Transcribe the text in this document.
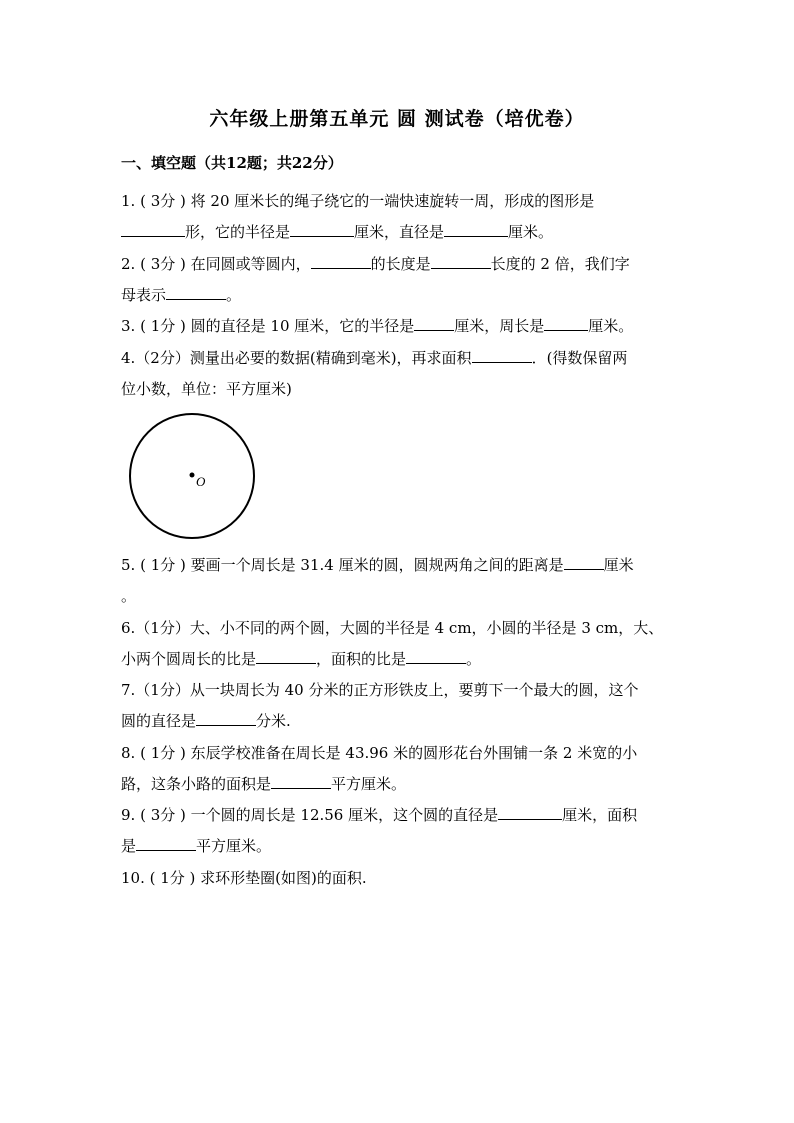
六年级上册第五单元 圆 测试卷（培优卷）
一、填空题（共12题；共22分）
1. ( 3分 ) 将 20 厘米长的绳子绕它的一端快速旋转一周，形成的图形是
形，它的半径是	厘米，直径是	厘米。
2. ( 3分 ) 在同圆或等圆内，	的长度是	长度的 2 倍，我们字
母表示	。
3. ( 1分 ) 圆的直径是 10 厘米，它的半径是	厘米，周长是	厘米。
4.（2分）测量出必要的数据(精确到毫米)，再求面积	．(得数保留两
位小数，单位：平方厘米)
O
5. ( 1分 ) 要画一个周长是 31.4 厘米的圆，圆规两角之间的距离是	厘米
。
6.（1分）大、小不同的两个圆，大圆的半径是 4 cm，小圆的半径是 3 cm，大、
小两个圆周长的比是	，面积的比是	。
7.（1分）从一块周长为 40 分米的正方形铁皮上，要剪下一个最大的圆，这个
圆的直径是	分米.
8. ( 1分 ) 东辰学校准备在周长是 43.96 米的圆形花台外围铺一条 2 米宽的小
路，这条小路的面积是	平方厘米。
9. ( 3分 ) 一个圆的周长是 12.56 厘米，这个圆的直径是	厘米，面积
是	平方厘米。
10. ( 1分 ) 求环形垫圈(如图)的面积.
